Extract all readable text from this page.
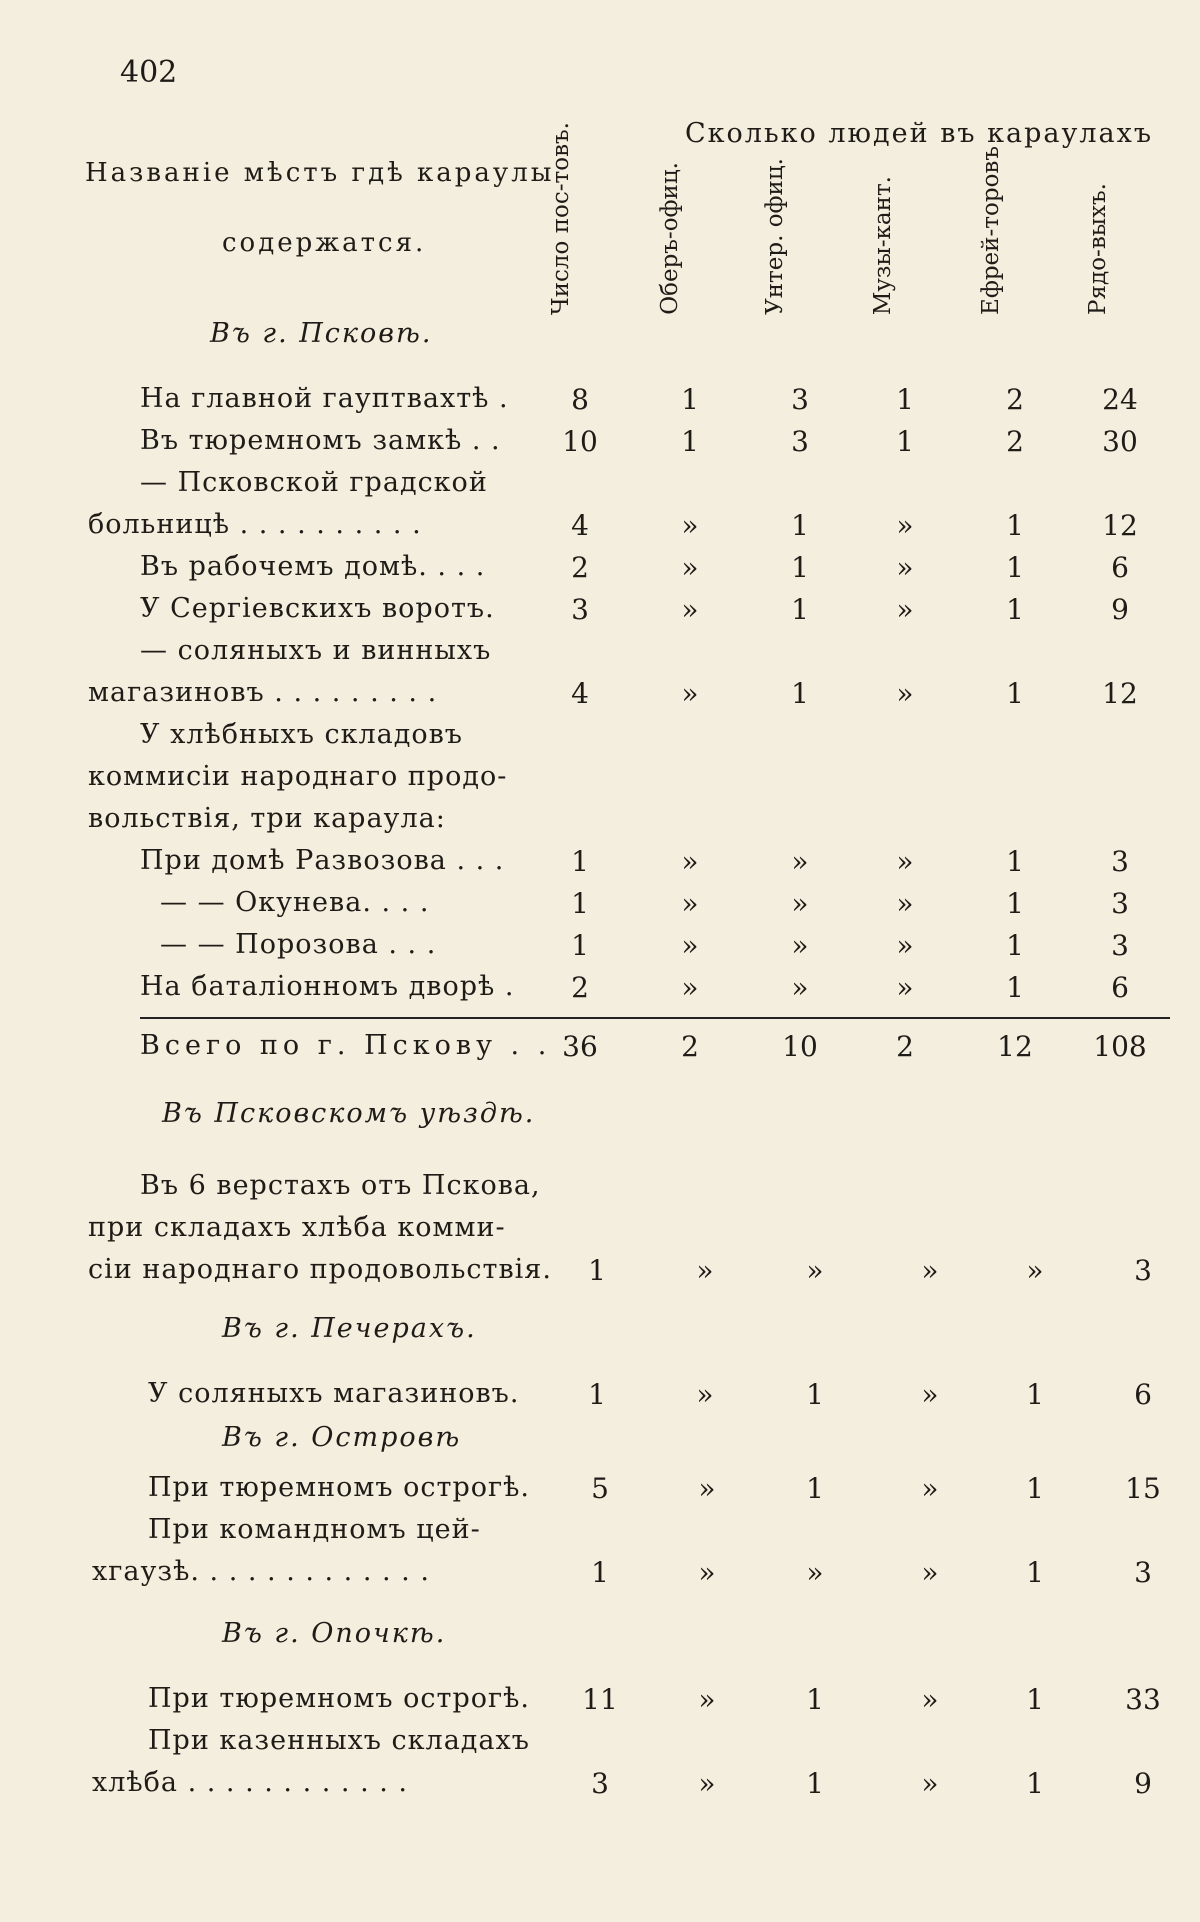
402
Сколько людей въ караулахъ
Названіе мѣстъ гдѣ караулы
содержатся.	Число пос-товъ.	Оберъ-офиц.	Унтер. офиц.	Музы-кант.	Ефрей-торовъ	Рядо-выхъ.
Въ г. Псковѣ.
На главной гауптвахтѣ .	8	1	3	1	2	24
Въ тюремномъ замкѣ . .	10	1	3	1	2	30
— Псковской градской
больницѣ . . . . . . . . . .	4	»	1	»	1	12
Въ рабочемъ домѣ. . . .	2	»	1	»	1	6
У Сергіевскихъ воротъ.	3	»	1	»	1	9
— соляныхъ и винныхъ
магазиновъ . . . . . . . . .	4	»	1	»	1	12
У хлѣбныхъ складовъ
коммисіи народнаго продо-
вольствія, три караула:
При домѣ Развозова . . .	1	»	»	»	1	3
— — Окунева. . . .	1	»	»	»	1	3
— — Порозова . . .	1	»	»	»	1	3
На баталіонномъ дворѣ .	2	»	»	»	1	6
Всего по г. Пскову . . 36	2	10	2	12	108
Въ Псковскомъ уѣздѣ.
Въ 6 верстахъ отъ Пскова,
при складахъ хлѣба комми-
сіи народнаго продовольствія.	1	»	»	»	»	3
Въ г. Печерахъ.
У соляныхъ магазиновъ.	1	»	1	»	1	6
Въ г. Островѣ
При тюремномъ острогѣ.	5	»	1	»	1	15
При командномъ цей-
хгаузѣ. . . . . . . . . . . . .	1	»	»	»	1	3
Въ г. Опочкѣ.
При тюремномъ острогѣ.	11	»	1	»	1	33
При казенныхъ складахъ
хлѣба . . . . . . . . . . . .	3	»	1	»	1	9
